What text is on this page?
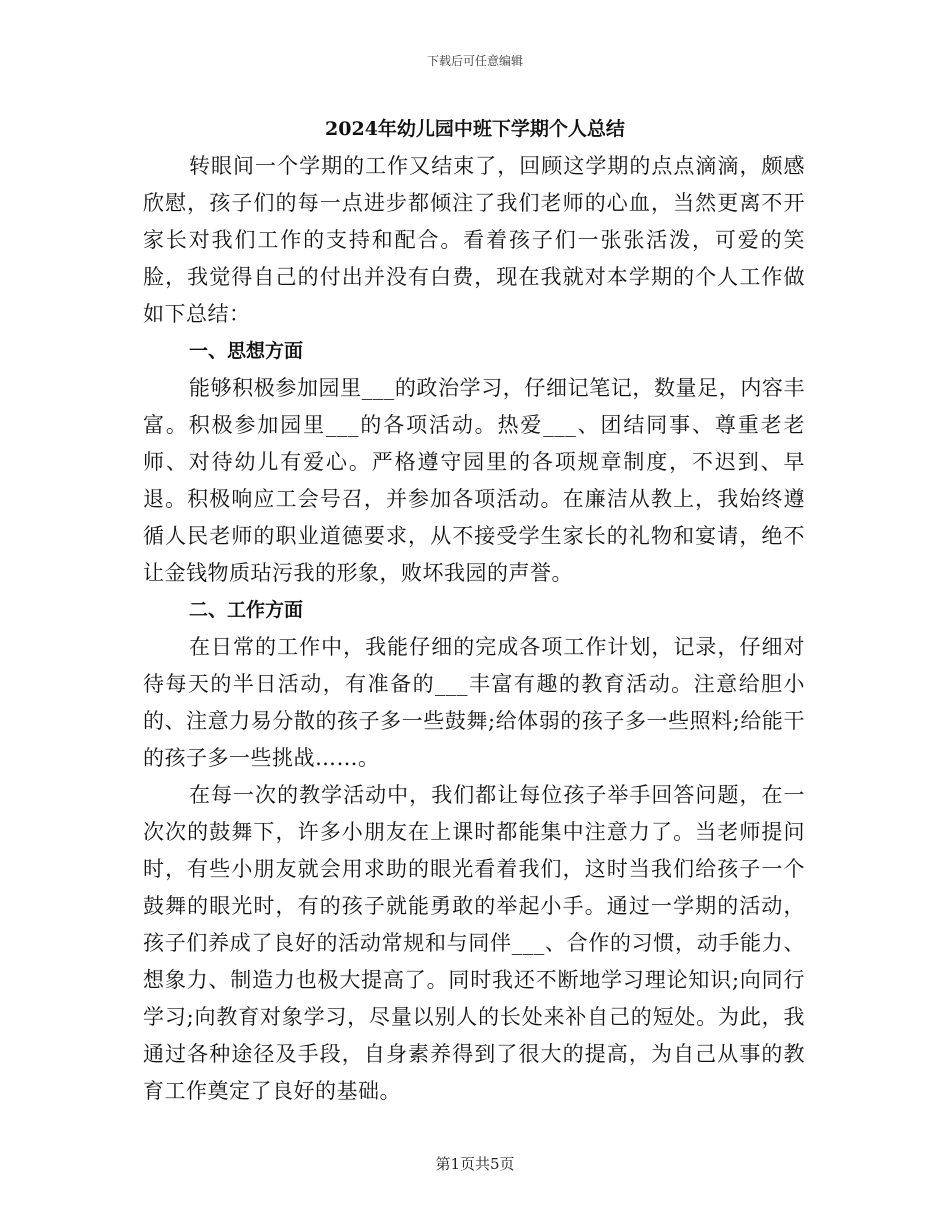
下载后可任意编辑
2024年幼儿园中班下学期个人总结

转眼间一个学期的工作又结束了，回顾这学期的点点滴滴，颇感欣慰，孩子们的每一点进步都倾注了我们老师的心血，当然更离不开家长对我们工作的支持和配合。看着孩子们一张张活泼，可爱的笑脸，我觉得自己的付出并没有白费，现在我就对本学期的个人工作做如下总结：

一、思想方面

能够积极参加园里___的政治学习，仔细记笔记，数量足，内容丰富。积极参加园里___的各项活动。热爱___、团结同事、尊重老老师、对待幼儿有爱心。严格遵守园里的各项规章制度，不迟到、早退。积极响应工会号召，并参加各项活动。在廉洁从教上，我始终遵循人民老师的职业道德要求，从不接受学生家长的礼物和宴请，绝不让金钱物质玷污我的形象，败坏我园的声誉。

二、工作方面

在日常的工作中，我能仔细的完成各项工作计划，记录，仔细对待每天的半日活动，有准备的___丰富有趣的教育活动。注意给胆小的、注意力易分散的孩子多一些鼓舞;给体弱的孩子多一些照料;给能干的孩子多一些挑战……。

在每一次的教学活动中，我们都让每位孩子举手回答问题，在一次次的鼓舞下，许多小朋友在上课时都能集中注意力了。当老师提问时，有些小朋友就会用求助的眼光看着我们，这时当我们给孩子一个鼓舞的眼光时，有的孩子就能勇敢的举起小手。通过一学期的活动，孩子们养成了良好的活动常规和与同伴___、合作的习惯，动手能力、想象力、制造力也极大提高了。同时我还不断地学习理论知识;向同行学习;向教育对象学习，尽量以别人的长处来补自己的短处。为此，我通过各种途径及手段，自身素养得到了很大的提高，为自己从事的教育工作奠定了良好的基础。

第1页共5页
